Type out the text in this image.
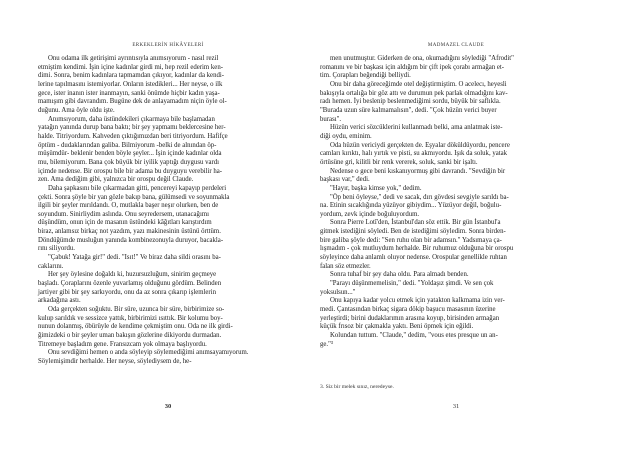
ERKEKLERİN HİKÂYELERİ

Onu odama ilk getirişimi ayrıntısıyla anımsıyorum - nasıl rezil
etmiştim kendimi. İşin içine kadınlar girdi mi, hep rezil ederim ken-
dimi. Sonra, benim kadınlara tapmamdan çıkıyor, kadınlar da kendi-
lerine tapılmasını istemiyorlar. Onların istedikleri... Her neyse, o ilk
gece, ister inanın ister inanmayın, sanki önümde hiçbir kadın yaşa-
mamışım gibi davrandım. Bugüne dek de anlayamadım niçin öyle ol-
duğunu. Ama öyle oldu işte.

Anımsıyorum, daha üstündekileri çıkarmaya bile başlamadan
yatağın yanında durup bana baktı; bir şey yapmamı beklercesine her-
halde. Titriyordum. Kahveden çıktığımızdan beri titriyordum. Hafifçe
öptüm - dudaklarından galiba. Bilmiyorum -belki de alnından öp-
müşümdür- beklenir benden böyle şeyler... İşin içinde kadınlar olda
mu, bilemiyorum. Bana çok büyük bir iyilik yaptığı duygusu vardı
içimde nedense. Bir orospu bile bir adama bu duyguyu verebilir ha-
zen. Ama dediğim gibi, yalnızca bir orospu değil Claude.

Daha şapkasını bile çıkarmadan gitti, pencereyi kapayıp perdeleri
çekti. Sonra şöyle bir yan gözle bakıp bana, gülümsedi ve soyunmakla
ilgili bir şeyler mırıldandı. O, mutlakla başer neşır olurken, ben de
soyundum. Sinirliydim aslında. Onu seyredersem, utanacağımı
düşündüm, onun için de masanın üstündeki kâğıtları karıştırdım
biraz, anlamsız birkaç not yazdım, yazı makinesinin üstünü örttüm.
Döndüğümde musluğun yanında kombinezonuyla duruyor, bacakla-
rını siliyordu.

"Çabuk! Yatağa gir!" dedi. "Isıt!" Ve biraz daha sildi orasını ba-
caklarını.

Her şey öylesine doğaldı ki, huzursuzluğum, sinirim geçmeye
başladı. Çoraplarını özenle yuvarlamış olduğunu gördüm. Belinden
jartiyer gibi bir şey sarkıyordu, onu da az sonra çıkarıp işlemlerin
arkadağına astı.

Oda gerçekten soğuktu. Bir süre, uzunca bir süre, birbirimize so-
kulup sarıldık ve sessizce yattık, birbirimizi ısıttık. Bir kolumu boy-
nunun dolanmış, öbürüyle de kendime çekmiştim onu. Oda ne ilk girdi-
ğimizdeki o bir şeyler uman bakışın gözlerine dikiyordu durmadan.
Titremeye başladım gene. Fransızcam yok olmaya başlıyordu.

Onu sevdiğimi hemen o anda söyleyip söylemediğimi anımsayamıyorum.
Söylemişimdir herhalde. Her neyse, söylediysem de, he-

30
MADMAZEL CLAUDE

men unutmuştur. Giderken de ona, okumadığını söylediği "Afrodit"
romanını ve bir başkası için aldığım bir çift ipek çorabı armağan et-
tim. Çorapları beğendiği belliydi.

Onu bir daha göreceğimde otel değiştirmiştim. O acelecı, heyesli
bakışıyla ortalığa bir göz attı ve durumun pek parlak olmadığını kav-
radı hemen. İyi beslenip beslenmediğimi sordu, büyük bir saflıkla.
"Burada uzun süre kalmamalısın", dedi. "Çok hüzün verici buyer
burası".

Hüzün verici sözcüklerini kullanmadı belki, ama anlatmak iste-
diği oydu, eminim.

Oda hüzün vericiydi gerçekten de. Eşyalar döküldüyordu, pencere
camları kırıktı, halı yırtık ve pisti, su akmıyordu. Işık da soluk, yatak
örtüsüne gri, kilitli bir renk vererek, soluk, sanki bir işaltı.

Nedense o gece beni kıskanıyormuş gibi davrandı. "Sevdiğin bir
başkası var," dedi.

"Hayır, başka kimse yok," dedim.

"Öp beni öyleyse," dedi ve sacak, dırı gövdesi sevgiyle sarıldı ba-
na. Etinin sıcaklığında yüzüyor gibiydim... Yüzüyor değil, boğulu-
yordum, zevk içinde boğuluyordum.

Sonra Pierre Lotî'den, İstanbul'dan söz ettik. Bir gün İstanbul'a
gitmek istediğini söyledi. Ben de istediğimi söyledim. Sonra birden-
bire galiba şöyle dedi: "Sen ruhu olan bir adamsın." Yadsımaya ça-
lışmadım - çok mutluydum herhalde. Bir ruhumuz olduğuna bir orospu
söyleyince daha anlamlı oluyor nedense. Orospular genellikle ruhtan
falan söz etmezler.

Sonra tuhaf bir şey daha oldu. Para almadı benden.

"Parayı düşünmemelisin," dedi. "Yoldaşız şimdi. Ve sen çok
yoksulsun..."

Onu kapıya kadar yolcu etmek için yatakton kalkmama izin ver-
medi. Çantasından birkaç sigara dökip başucu masasının üzerine
yerleştirdi; birini dudaklarımın arasına koyup, birisinden armağan
küçük frısoz bir çakmakla yaktı. Beni öpmek için eğildi.

Kolundan tuttum. "Claude," dedim, "vous etes presque un an-
ge."³

3. Siz bir melek sınız, neredeyse.
31
